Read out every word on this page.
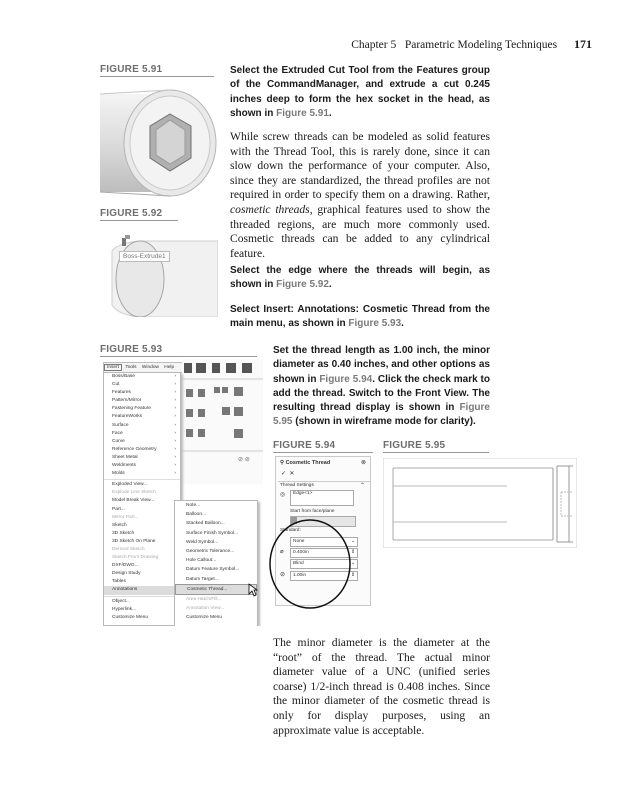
Chapter 5 Parametric Modeling Techniques 171
FIGURE 5.91
FIGURE 5.92
Boss-Extrude1
Select the Extruded Cut Tool from the Features group of the CommandManager, and extrude a cut 0.245 inches deep to form the hex socket in the head, as shown in Figure 5.91.
While screw threads can be modeled as solid features with the Thread Tool, this is rarely done, since it can slow down the performance of your computer. Also, since they are standardized, the thread profiles are not required in order to specify them on a drawing. Rather, cosmetic threads, graphical features used to show the threaded regions, are much more commonly used. Cosmetic threads can be added to any cylindrical feature.
Select the edge where the threads will begin, as shown in Figure 5.92.
Select Insert: Annotations: Cosmetic Thread from the main menu, as shown in Figure 5.93.
FIGURE 5.93
Insert Tools Window Help
⊘ ⊘
Boss/Base	›
Cut	›
Features	›
Pattern/Mirror	›
Fastening Feature	›
FeatureWorks	›
Surface	›
Face	›
Curve	›
Reference Geometry	›
Sheet Metal	›
Weldments	›
Molds	›
Exploded View...
Explode Line Sketch
Model Break View...
Part...
Mirror Part...
Sketch
3D Sketch
3D Sketch On Plane
Derived Sketch
Sketch From Drawing
DXF/DWG...
Design Study
Tables
Annotations
Object...
Hyperlink...
Customize Menu
Note...
Balloon...
Stacked Balloon...
Surface Finish Symbol...
Weld Symbol...
Geometric Tolerance...
Hole Callout...
Datum Feature Symbol...
Datum Target...
Cosmetic Thread...
Area Hatch/Fill...
Annotation View...
Customize Menu
Set the thread length as 1.00 inch, the minor diameter as 0.40 inches, and other options as shown in Figure 5.94. Click the check mark to add the thread. Switch to the Front View. The resulting thread display is shown in Figure 5.95 (shown in wireframe mode for clarity).
FIGURE 5.94
⚲ Cosmetic Thread	⊗
✓ ✕
Thread Settings	⌃
Edge<1>
◎
Start from face/plane
Standard:
None	⌄
⌀	0.400in	⇕
Blind	⌄
⊘	1.00in	⇕
FIGURE 5.95
The minor diameter is the diameter at the “root” of the thread. The actual minor diameter value of a UNC (unified series coarse) 1/2-inch thread is 0.408 inches. Since the minor diameter of the cosmetic thread is only for display purposes, using an approximate value is acceptable.
